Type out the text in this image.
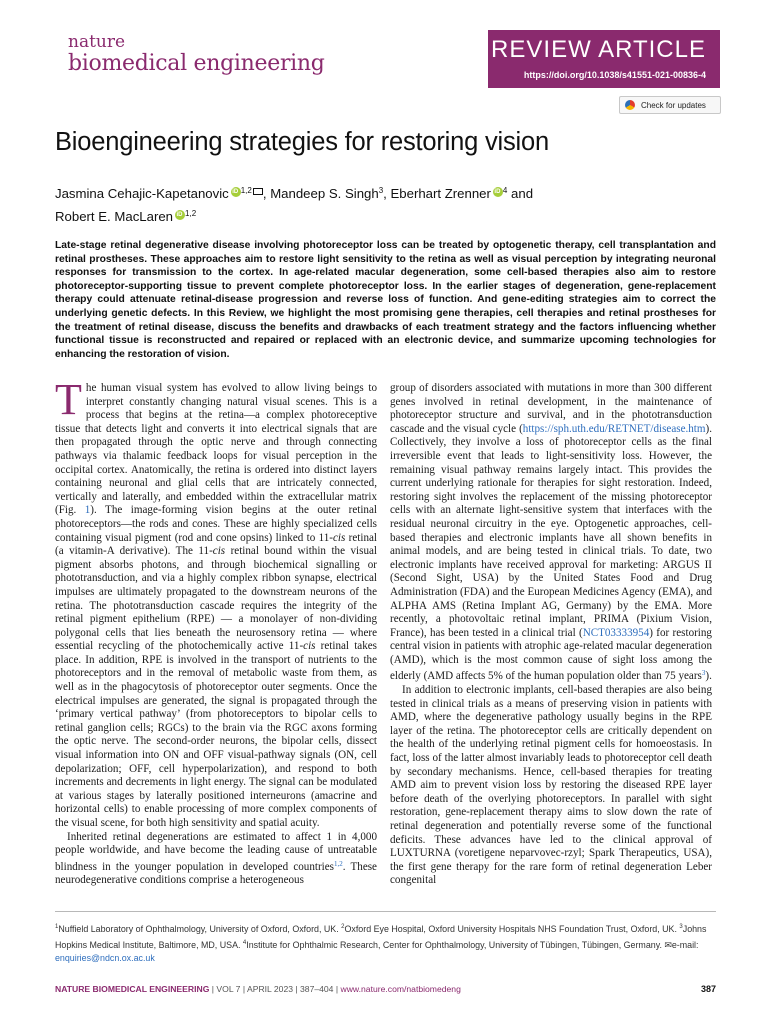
nature
biomedical engineering
REVIEW ARTICLE
https://doi.org/10.1038/s41551-021-00836-4
Check for updates
Bioengineering strategies for restoring vision
Jasmina Cehajic-Kapetanovic iD $^{1,2}$ , Mandeep S. Singh$^3$, Eberhart Zrenner iD $^4$ and
Robert E. MacLaren iD $^{1,2}$
Late-stage retinal degenerative disease involving photoreceptor loss can be treated by optogenetic therapy, cell transplantation and retinal prostheses. These approaches aim to restore light sensitivity to the retina as well as visual perception by integrating neuronal responses for transmission to the cortex. In age-related macular degeneration, some cell-based therapies also aim to restore photoreceptor-supporting tissue to prevent complete photoreceptor loss. In the earlier stages of degeneration, gene-replacement therapy could attenuate retinal-disease progression and reverse loss of function. And gene-editing strategies aim to correct the underlying genetic defects. In this Review, we highlight the most promising gene therapies, cell therapies and retinal prostheses for the treatment of retinal disease, discuss the benefits and drawbacks of each treatment strategy and the factors influencing whether functional tissue is reconstructed and repaired or replaced with an electronic device, and summarize upcoming technologies for enhancing the restoration of vision.

The human visual system has evolved to allow living beings to interpret constantly changing natural visual scenes. This is a process that begins at the retina—a complex photoreceptive tissue that detects light and converts it into electrical signals that are then propagated through the optic nerve and through connecting pathways via thalamic feedback loops for visual perception in the occipital cortex. Anatomically, the retina is ordered into distinct layers containing neuronal and glial cells that are intricately connected, vertically and laterally, and embedded within the extracellular matrix (Fig. 1). The image-forming vision begins at the outer retinal photoreceptors—the rods and cones. These are highly specialized cells containing visual pigment (rod and cone opsins) linked to 11-cis retinal (a vitamin-A derivative). The 11-cis retinal bound within the visual pigment absorbs photons, and through biochemical signalling or phototransduction, and via a highly complex ribbon synapse, electrical impulses are ultimately propagated to the downstream neurons of the retina. The phototransduction cascade requires the integrity of the retinal pigment epithelium (RPE) — a monolayer of non-dividing polygonal cells that lies beneath the neurosensory retina — where essential recycling of the photochemically active 11-cis retinal takes place. In addition, RPE is involved in the transport of nutrients to the photoreceptors and in the removal of metabolic waste from them, as well as in the phagocytosis of photoreceptor outer segments. Once the electrical impulses are generated, the signal is propagated through the ‘primary vertical pathway’ (from photoreceptors to bipolar cells to retinal ganglion cells; RGCs) to the brain via the RGC axons forming the optic nerve. The second-order neurons, the bipolar cells, dissect visual information into ON and OFF visual-pathway signals (ON, cell depolarization; OFF, cell hyperpolarization), and respond to both increments and decrements in light energy. The signal can be modulated at various stages by laterally positioned interneurons (amacrine and horizontal cells) to enable processing of more complex components of the visual scene, for both high sensitivity and spatial acuity.

Inherited retinal degenerations are estimated to affect 1 in 4,000 people worldwide, and have become the leading cause of untreatable blindness in the younger population in developed countries$^{1,2}$. These neurodegenerative conditions comprise a heterogeneous

group of disorders associated with mutations in more than 300 different genes involved in retinal development, in the maintenance of photoreceptor structure and survival, and in the phototransduction cascade and the visual cycle (https://sph.uth.edu/RETNET/disease.htm). Collectively, they involve a loss of photoreceptor cells as the final irreversible event that leads to light-sensitivity loss. However, the remaining visual pathway remains largely intact. This provides the current underlying rationale for therapies for sight restoration. Indeed, restoring sight involves the replacement of the missing photoreceptor cells with an alternate light-sensitive system that interfaces with the residual neuronal circuitry in the eye. Optogenetic approaches, cell-based therapies and electronic implants have all shown benefits in animal models, and are being tested in clinical trials. To date, two electronic implants have received approval for marketing: ARGUS II (Second Sight, USA) by the United States Food and Drug Administration (FDA) and the European Medicines Agency (EMA), and ALPHA AMS (Retina Implant AG, Germany) by the EMA. More recently, a photovoltaic retinal implant, PRIMA (Pixium Vision, France), has been tested in a clinical trial (NCT03333954) for restoring central vision in patients with atrophic age-related macular degeneration (AMD), which is the most common cause of sight loss among the elderly (AMD affects 5% of the human population older than 75 years$^3$).

In addition to electronic implants, cell-based therapies are also being tested in clinical trials as a means of preserving vision in patients with AMD, where the degenerative pathology usually begins in the RPE layer of the retina. The photoreceptor cells are critically dependent on the health of the underlying retinal pigment cells for homoeostasis. In fact, loss of the latter almost invariably leads to photoreceptor cell death by secondary mechanisms. Hence, cell-based therapies for treating AMD aim to prevent vision loss by restoring the diseased RPE layer before death of the overlying photoreceptors. In parallel with sight restoration, gene-replacement therapy aims to slow down the rate of retinal degeneration and potentially reverse some of the functional deficits. These advances have led to the clinical approval of LUXTURNA (voretigene neparvovec-rzyl; Spark Therapeutics, USA), the first gene therapy for the rare form of retinal degeneration Leber congenital

$^1$Nuffield Laboratory of Ophthalmology, University of Oxford, Oxford, UK. $^2$Oxford Eye Hospital, Oxford University Hospitals NHS Foundation Trust, Oxford, UK. $^3$Johns Hopkins Medical Institute, Baltimore, MD, USA. $^4$Institute for Ophthalmic Research, Center for Ophthalmology, University of Tübingen, Tübingen, Germany. ✉e-mail: enquiries@ndcn.ox.ac.uk
NATURE BIOMEDICAL ENGINEERING | VOL 7 | APRIL 2023 | 387–404 | www.nature.com/natbiomedeng	387
